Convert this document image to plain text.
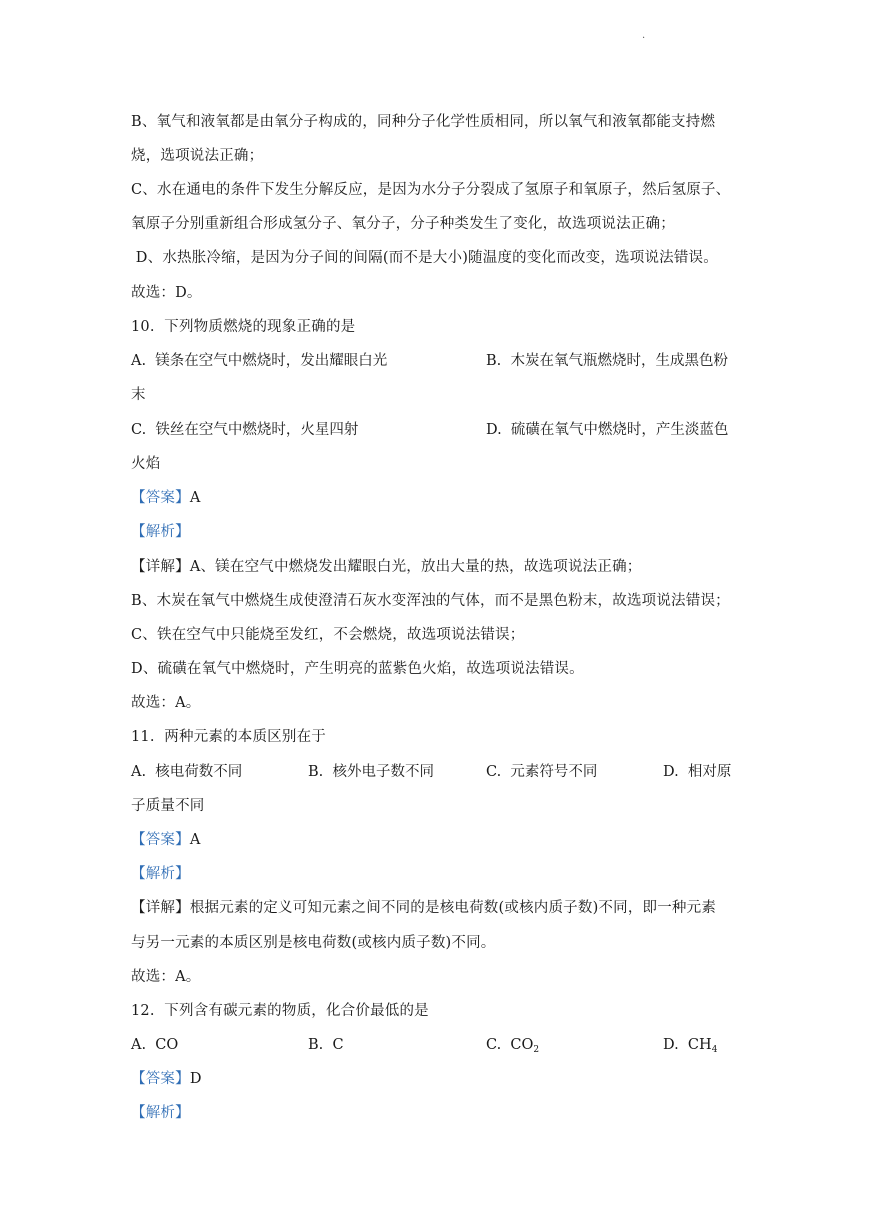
.
B、氧气和液氧都是由氧分子构成的，同种分子化学性质相同，所以氧气和液氧都能支持燃
烧，选项说法正确；
C、水在通电的条件下发生分解反应，是因为水分子分裂成了氢原子和氧原子，然后氢原子、
氧原子分别重新组合形成氢分子、氧分子，分子种类发生了变化，故选项说法正确；
D、水热胀冷缩，是因为分子间的间隔(而不是大小)随温度的变化而改变，选项说法错误。
故选：D。
10.  下列物质燃烧的现象正确的是
A.  镁条在空气中燃烧时，发出耀眼白光	B.  木炭在氧气瓶燃烧时，生成黑色粉
末
C.  铁丝在空气中燃烧时，火星四射	D.  硫磺在氧气中燃烧时，产生淡蓝色
火焰
【答案】A
【解析】
【详解】A、镁在空气中燃烧发出耀眼白光，放出大量的热，故选项说法正确；
B、木炭在氧气中燃烧生成使澄清石灰水变浑浊的气体，而不是黑色粉末，故选项说法错误；
C、铁在空气中只能烧至发红，不会燃烧，故选项说法错误；
D、硫磺在氧气中燃烧时，产生明亮的蓝紫色火焰，故选项说法错误。
故选：A。
11.  两种元素的本质区别在于
A.  核电荷数不同	B.  核外电子数不同	C.  元素符号不同	D.  相对原
子质量不同
【答案】A
【解析】
【详解】根据元素的定义可知元素之间不同的是核电荷数(或核内质子数)不同，即一种元素
与另一元素的本质区别是核电荷数(或核内质子数)不同。
故选：A。
12.  下列含有碳元素的物质，化合价最低的是
A.  CO	B.  C	C.  $CO_2$	D.  $CH_4$
【答案】D
【解析】
